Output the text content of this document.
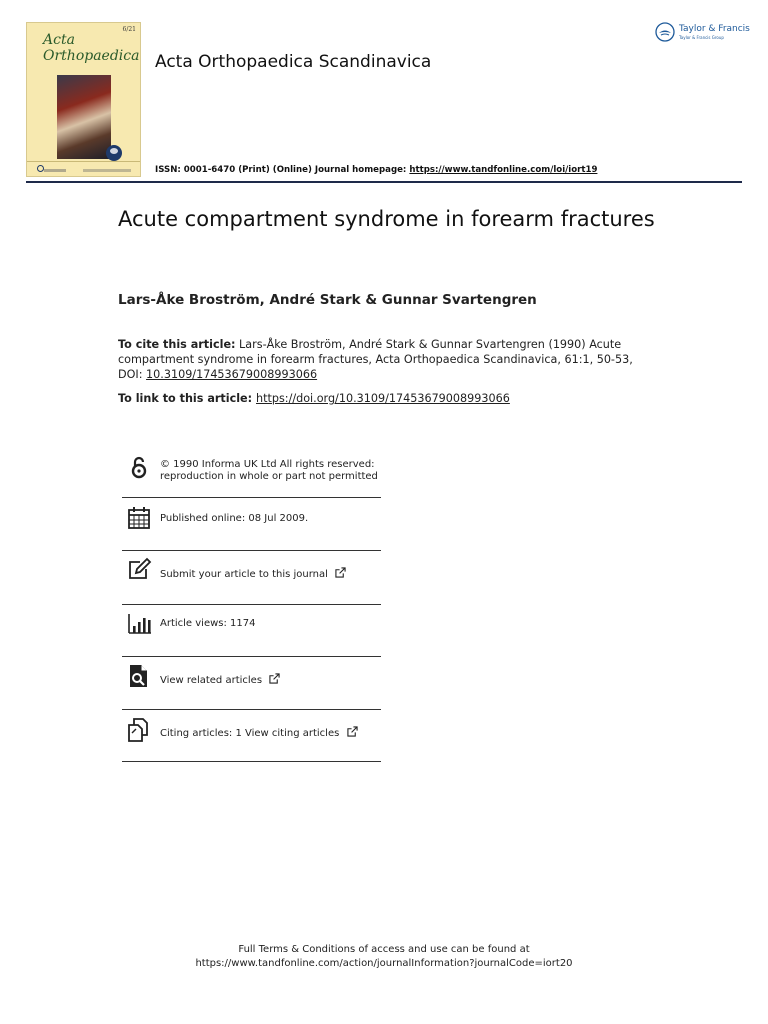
6/21
Acta
Orthopaedica Acta Orthopaedica Scandinavica
ISSN: 0001-6470 (Print) (Online) Journal homepage: https://www.tandfonline.com/loi/iort19
Taylor & Francis
Taylor & Francis Group
Acute compartment syndrome in forearm fractures
Lars-Åke Broström, André Stark & Gunnar Svartengren
To cite this article: Lars-Åke Broström, André Stark & Gunnar Svartengren (1990) Acute compartment syndrome in forearm fractures, Acta Orthopaedica Scandinavica, 61:1, 50-53, DOI: 10.3109/17453679008993066
To link to this article: https://doi.org/10.3109/17453679008993066
© 1990 Informa UK Ltd All rights reserved:
reproduction in whole or part not permitted
Published online: 08 Jul 2009.
Submit your article to this journal
Article views: 1174
View related articles
Citing articles: 1 View citing articles
Full Terms & Conditions of access and use can be found at
https://www.tandfonline.com/action/journalInformation?journalCode=iort20
